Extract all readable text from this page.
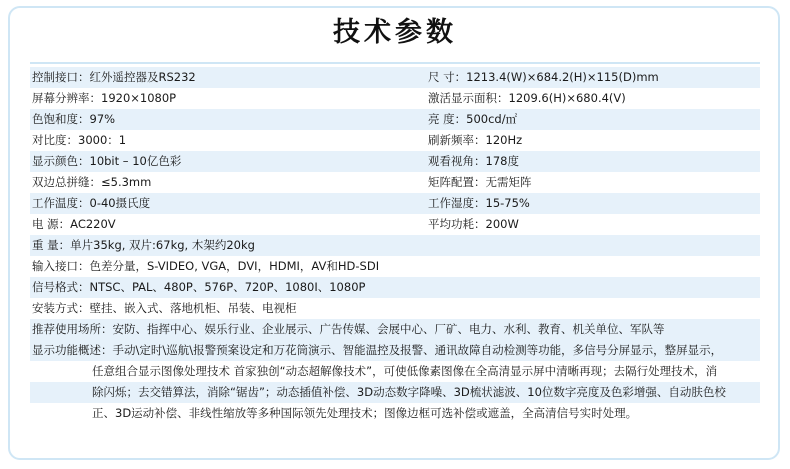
技术参数
控制接口：红外遥控器及RS232	尺 寸：1213.4(W)×684.2(H)×115(D)mm
屏幕分辨率：1920×1080P	激活显示面积：1209.6(H)×680.4(V)
色饱和度：97%	亮 度：500cd/㎡
对比度：3000：1	刷新频率：120Hz
显示颜色：10bit – 10亿色彩	观看视角：178度
双边总拼缝：≤5.3mm	矩阵配置：无需矩阵
工作温度：0-40摄氏度	工作湿度：15-75%
电 源：AC220V	平均功耗：200W
重 量：单片35kg, 双片:67kg, 木架约20kg
输入接口：色差分量，S-VIDEO, VGA，DVI，HDMI，AV和HD-SDI
信号格式：NTSC、PAL、480P、576P、720P、1080I、1080P
安装方式：壁挂、嵌入式、落地机柜、吊装、电视柜
推荐使用场所：安防、指挥中心、娱乐行业、企业展示、广告传媒、会展中心、厂矿、电力、水利、教育、机关单位、军队等
显示功能概述：手动\定时\巡航\报警预案设定和万花筒演示、智能温控及报警、通讯故障自动检测等功能，多信号分屏显示，整屏显示，
任意组合显示图像处理技术 首家独创“动态超解像技术”，可使低像素图像在全高清显示屏中清晰再现；去隔行处理技术，消
除闪烁；去交错算法，消除“锯齿”；动态插值补偿、3D动态数字降噪、3D梳状滤波、10位数字亮度及色彩增强、自动肤色校
正、3D运动补偿、非线性缩放等多种国际领先处理技术；图像边框可选补偿或遮盖，全高清信号实时处理。
